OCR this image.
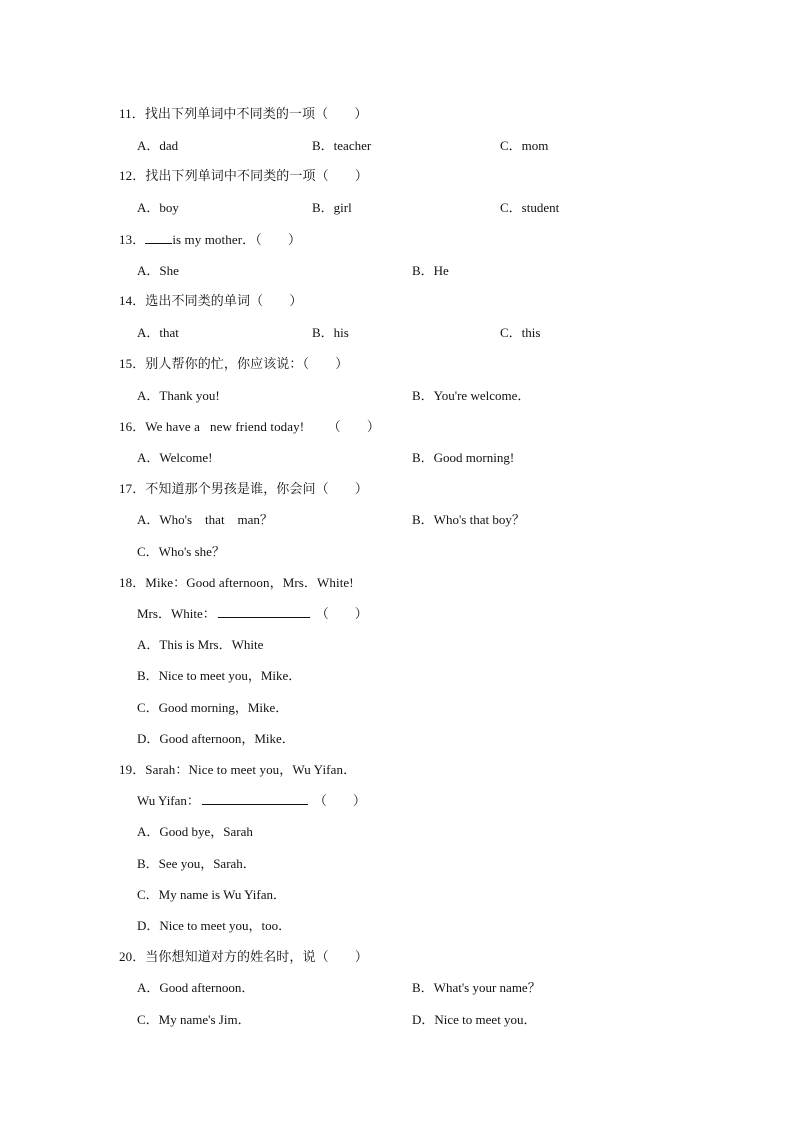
11．找出下列单词中不同类的一项（　　）
A．dad	B．teacher	C．mom
12．找出下列单词中不同类的一项（　　）
A．boy	B．girl	C．student
13． is my mother．（　　）
A．She	B．He
14．选出不同类的单词（　　）
A．that	B．his	C．this
15．别人帮你的忙，你应该说：（　　）
A．Thank you!	B．You're welcome．
16．We have a   new friend today!       （　　）
A．Welcome!	B．Good morning!
17．不知道那个男孩是谁，你会问（　　）
A．Who's    that    man？	B．Who's that boy？
C．Who's she？
18．Mike：Good afternoon，Mrs．White!
Mrs．White：	（　　）
A．This is Mrs．White
B．Nice to meet you，Mike．
C．Good morning，Mike．
D．Good afternoon，Mike．
19．Sarah：Nice to meet you，Wu Yifan．
Wu Yifan：	（　　）
A．Good bye，Sarah
B．See you，Sarah．
C．My name is Wu Yifan．
D．Nice to meet you，too．
20．当你想知道对方的姓名时，说（　　）
A．Good afternoon．	B．What's your name？
C．My name's Jim．	D．Nice to meet you．
